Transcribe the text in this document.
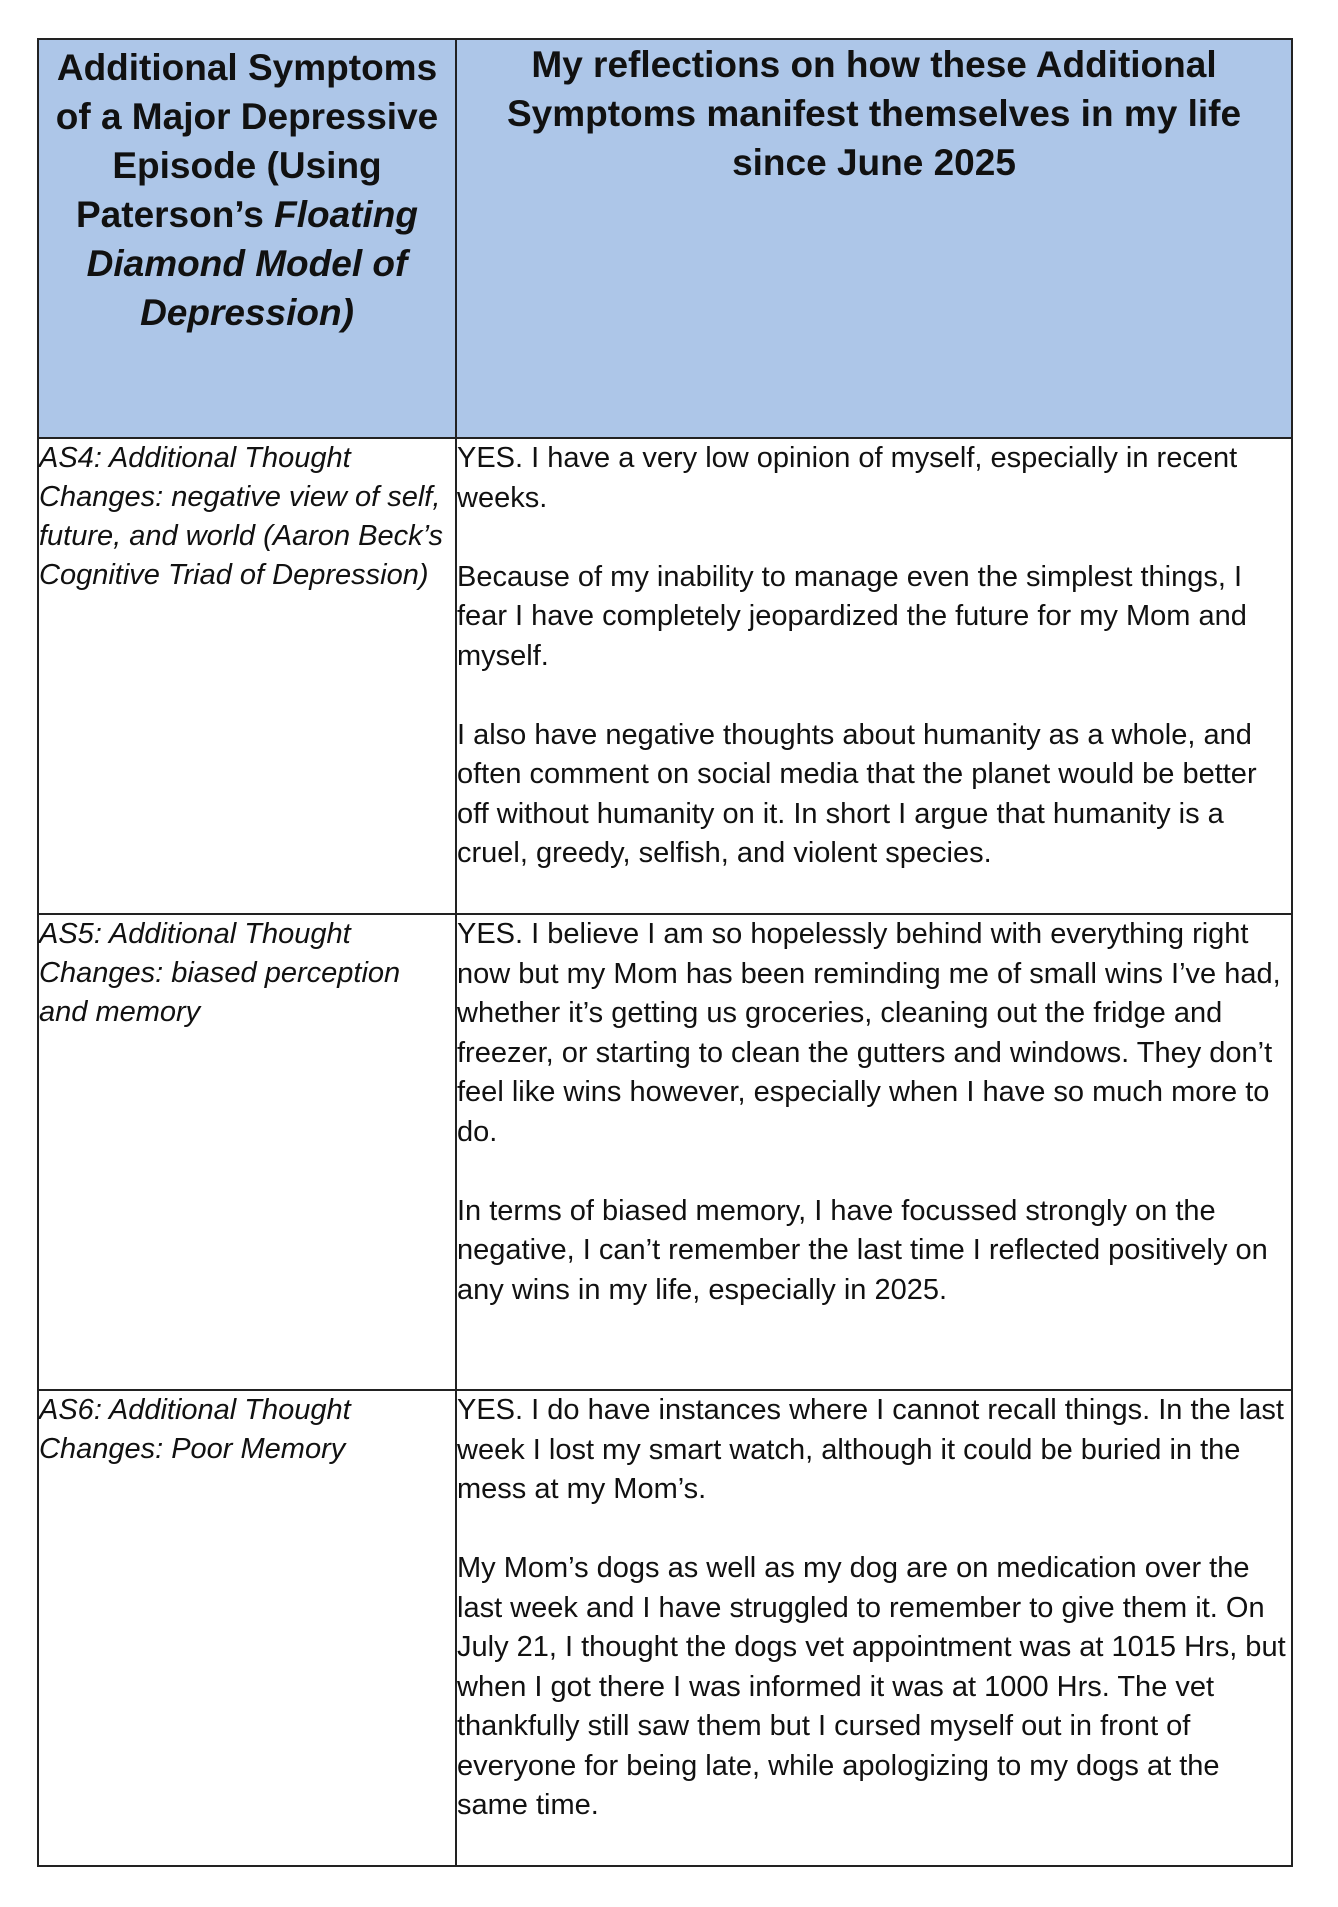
Additional Symptoms of a Major Depressive Episode (Using Paterson’s Floating Diamond Model of Depression)	My reflections on how these Additional Symptoms manifest themselves in my life since June 2025
AS4: Additional Thought Changes: negative view of self, future, and world (Aaron Beck’s Cognitive Triad of Depression)	YES. I have a very low opinion of myself, especially in recent weeks.

Because of my inability to manage even the simplest things, I fear I have completely jeopardized the future for my Mom and myself.

I also have negative thoughts about humanity as a whole, and often comment on social media that the planet would be better off without humanity on it. In short I argue that humanity is a cruel, greedy, selfish, and violent species.

AS5: Additional Thought Changes: biased perception and memory	YES. I believe I am so hopelessly behind with everything right now but my Mom has been reminding me of small wins I’ve had, whether it’s getting us groceries, cleaning out the fridge and freezer, or starting to clean the gutters and windows. They don’t feel like wins however, especially when I have so much more to do.

In terms of biased memory, I have focussed strongly on the negative, I can’t remember the last time I reflected positively on any wins in my life, especially in 2025.

AS6: Additional Thought Changes: Poor Memory	YES. I do have instances where I cannot recall things. In the last week I lost my smart watch, although it could be buried in the mess at my Mom’s.

My Mom’s dogs as well as my dog are on medication over the last week and I have struggled to remember to give them it. On July 21, I thought the dogs vet appointment was at 1015 Hrs, but when I got there I was informed it was at 1000 Hrs. The vet thankfully still saw them but I cursed myself out in front of everyone for being late, while apologizing to my dogs at the same time.
